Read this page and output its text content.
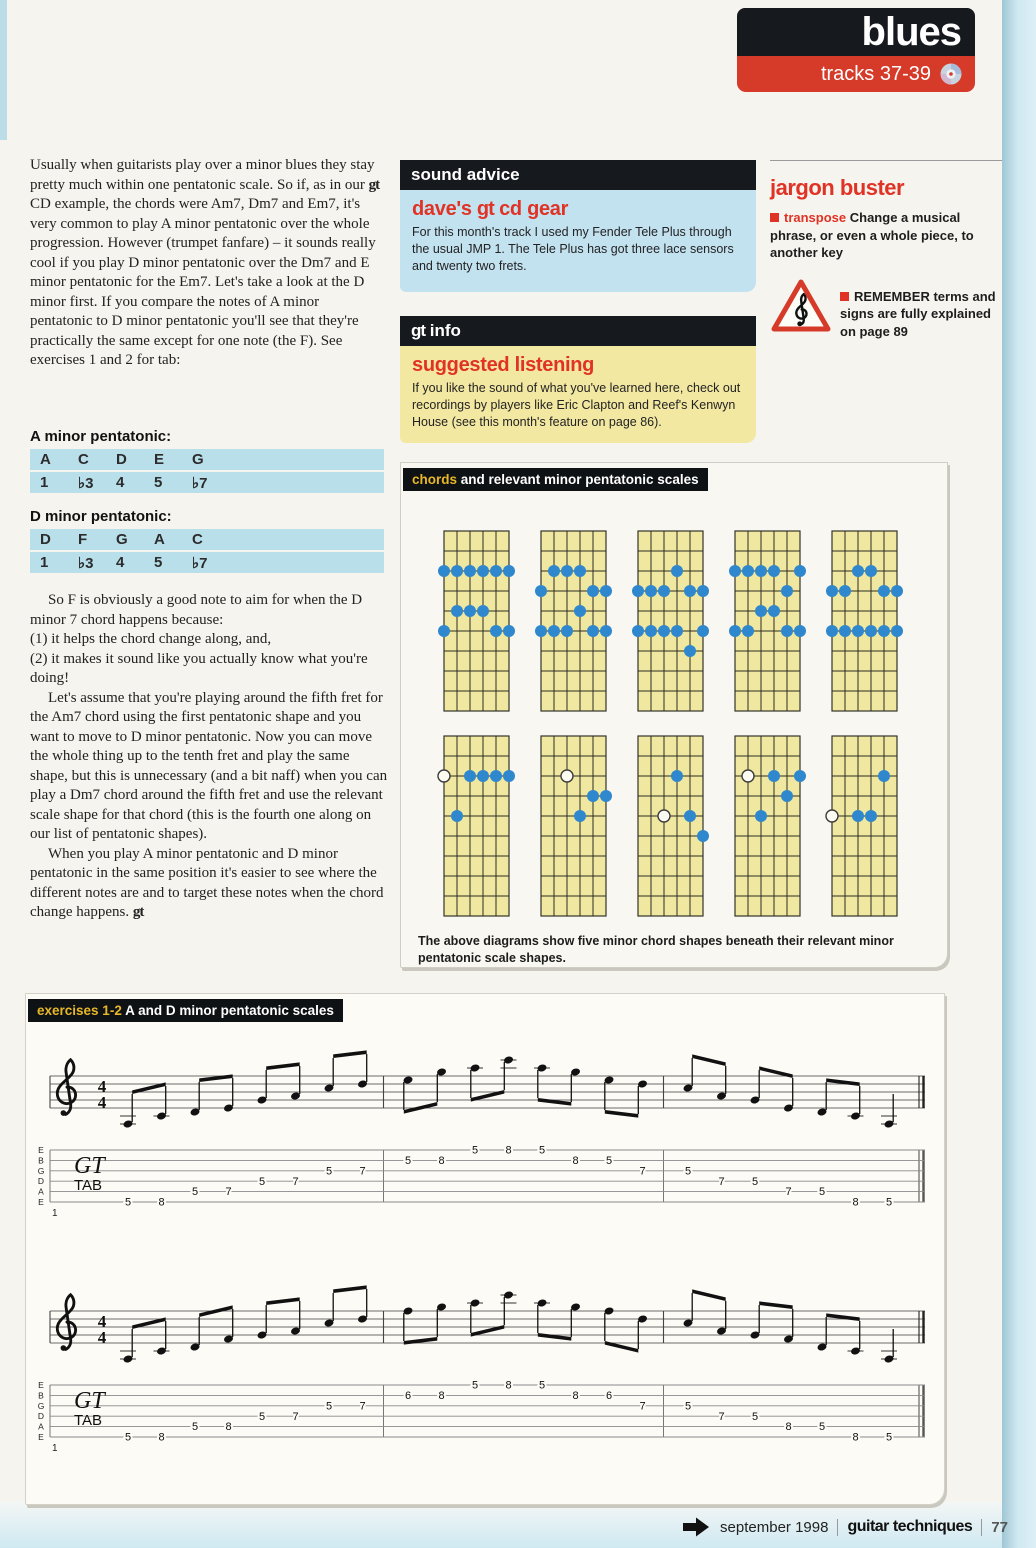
blues
tracks 37-39
Usually when guitarists play over a minor blues they stay pretty much within one pentatonic scale. So if, as in our gt CD example, the chords were Am7, Dm7 and Em7, it's very common to play A minor pentatonic over the whole progression. However (trumpet fanfare) – it sounds really cool if you play D minor pentatonic over the Dm7 and E minor pentatonic for the Em7. Let's take a look at the D minor first. If you compare the notes of A minor pentatonic to D minor pentatonic you'll see that they're practically the same except for one note (the F). See exercises 1 and 2 for tab:
A minor pentatonic:
A	C	D	E	G
1	♭3	4	5	♭7
D minor pentatonic:
D	F	G	A	C
1	♭3	4	5	♭7

So F is obviously a good note to aim for when the D minor 7 chord happens because:

(1) it helps the chord change along, and,

(2) it makes it sound like you actually know what you're doing!

Let's assume that you're playing around the fifth fret for the Am7 chord using the first pentatonic shape and you want to move to D minor pentatonic. Now you can move the whole thing up to the tenth fret and play the same shape, but this is unnecessary (and a bit naff) when you can play a Dm7 chord around the fifth fret and use the relevant scale shape for that chord (this is the fourth one along on our list of pentatonic shapes).

When you play A minor pentatonic and D minor pentatonic in the same position it's easier to see where the different notes are and to target these notes when the chord change happens. gt

sound advice
dave's gt cd gear

For this month's track I used my Fender Tele Plus through the usual JMP 1. The Tele Plus has got three lace sensors and twenty two frets.

gt info
suggested listening

If you like the sound of what you've learned here, check out recordings by players like Eric Clapton and Reef's Kenwyn House (see this month's feature on page 86).

jargon buster
transpose Change a musical phrase, or even a whole piece, to another key
REMEMBER terms and signs are fully explained on page 89
chords and relevant minor pentatonic scales
The above diagrams show five minor chord shapes beneath their relevant minor pentatonic scale shapes.
exercises 1-2 A and D minor pentatonic scales
4
4
E
B
G
D
A
E
GT
TAB
5 8
5 7
5 7
5 7
5 8
5 8 5
8 5
7	5
7 5
7 5
8 5
1
4
4
E
B
G
D
A
E
GT
TAB
5 8
5 8
5 7
5 7
6 8
5 8 5
8 6
7	5
7 5
8 5
8 5
1
september 1998 guitar techniques 77
